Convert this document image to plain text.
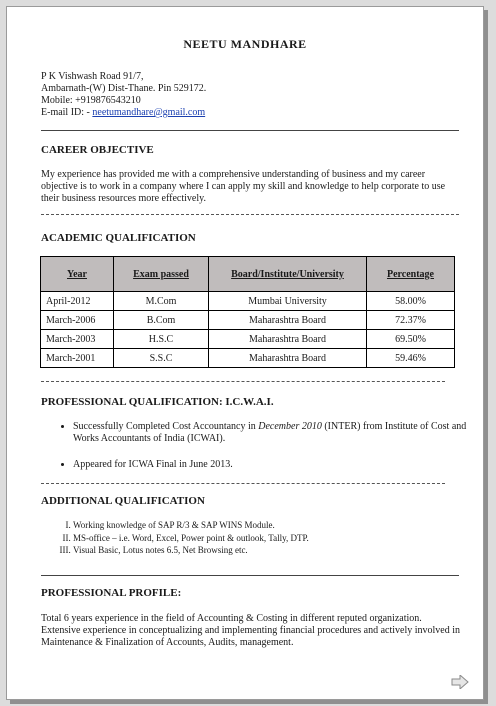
NEETU MANDHARE
P K Vishwash Road 91/7,
Ambarnath-(W) Dist-Thane. Pin 529172.
Mobile: +919876543210
E-mail ID: - neetumandhare@gmail.com
CAREER OBJECTIVE
My experience has provided me with a comprehensive understanding of business and my career objective is to work in a company where I can apply my skill and knowledge to help corporate to use their business resources more effectively.
ACADEMIC QUALIFICATION
Year	Exam passed	Board/Institute/University	Percentage
April-2012	M.Com	Mumbai University	58.00%
March-2006	B.Com	Maharashtra Board	72.37%
March-2003	H.S.C	Maharashtra Board	69.50%
March-2001	S.S.C	Maharashtra Board	59.46%
PROFESSIONAL QUALIFICATION: I.C.W.A.I.
• Successfully Completed Cost Accountancy in December 2010 (INTER) from Institute of Cost and Works Accountants of India (ICWAI).
• Appeared for ICWA Final in June 2013.
ADDITIONAL QUALIFICATION
I. Working knowledge of SAP R/3 & SAP WINS Module.
II. MS-office – i.e. Word, Excel, Power point & outlook, Tally, DTP.
III. Visual Basic, Lotus notes 6.5, Net Browsing etc.
PROFESSIONAL PROFILE:
Total 6 years experience in the field of Accounting & Costing in different reputed organization. Extensive experience in conceptualizing and implementing financial procedures and actively involved in Maintenance & Finalization of Accounts, Audits, management.
